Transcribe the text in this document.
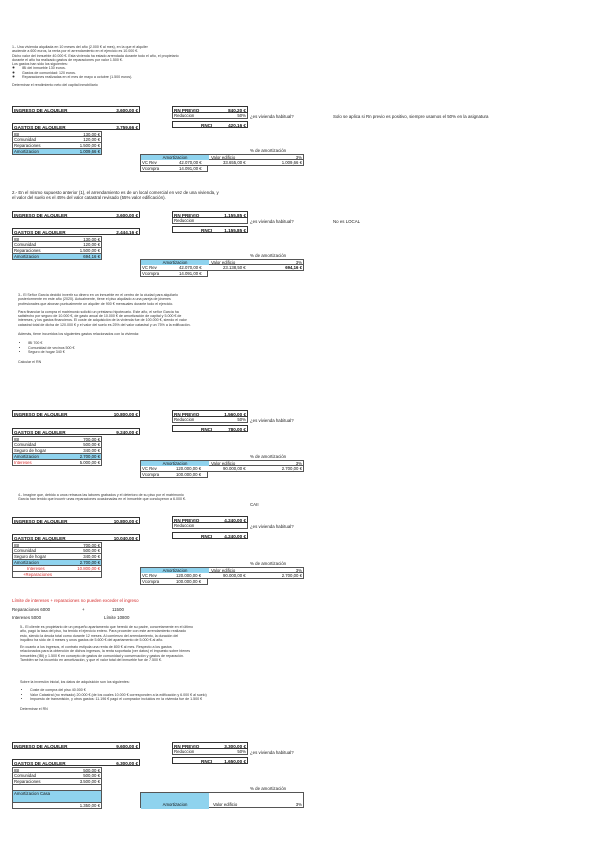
1.- Una vivienda alquilada en 10 meses del año (2.000 € al mes), en la que el alquiler
asciende a 600 euros, la renta por el arrendamiento en el ejercicio es 10.000 €.
Dicho valor del inmueble 40.000 €. Esta vivienda ha estado arrendada durante todo el año, el propietario
durante el año ha realizado gastos de reparaciones por valor 1.500 €.
Los gastos han sido los siguientes:
◦ IBI del inmueble 130 euros.
◦ Gastos de comunidad: 120 euros.
◦ Reparaciones realizadas en el mes de mayo a octubre (1.500 euros).
Determinar el rendimiento neto del capital inmobiliario
INGRESO DE ALQUILER	3.600,00 €
GASTOS DE ALQUILER	3.759,66 €
IBI	130,00 €
Comunidad	120,00 €
Reparaciones	1.500,00 €
Amortizacion	1.009,66 €
RN PREVIO	840,20 €
Reduccion	50% ¿es vivienda habitual?	Solo se aplica si Rn previo es positivo, siempre usamos el 50% en la asignatura
RNCI	420,16 €
% de amortización
Amortizacion	Valor edificio	3%
VC Rev	42.070,00 €	33.655,00 €	1.009,66 €
Vcompra	14.091,00 €
2.- En el mismo supuesto anterior (1), el arrendamiento es de un local comercial en vez de una vivienda, y
el valor del suelo es el 45% del valor catastral revisado (55% valor edificación).
INGRESO DE ALQUILER	3.600,00 €
GASTOS DE ALQUILER	2.444,16 €
IBI	130,00 €
Comunidad	120,00 €
Reparaciones	1.500,00 €
Amortizacion	694,16 €
RN PREVIO	1.155,85 €
Reduccion	¿es vivienda habitual?	No es LOCAL
RNCI	1.155,85 €
% de amortización
Amortizacion	Valor edificio	3%
VC Rev	42.070,00 €	23.138,50 €	694,16 €
Vcompra	14.091,00 €
3.- El Señor García decidió invertir su dinero en un inmueble en el centro de la ciudad para alquilarlo
posteriormente en este año (2020). Actualmente, tiene el piso alquilado a una pareja de jóvenes
profesionales que abonan puntualmente un alquiler de 900 € mensuales durante todo el ejercicio.
Para financiar la compra el matrimonio solicitó un préstamo hipotecario. Este año, el señor García ha
satisfecho por seguro de 10.000 €, de gasto anual de 10.000 € de amortización de capital y 5.000 € de
intereses, y los gastos financieros. El coste de adquisición de la vivienda fue de 100.000 €, siendo el valor
catastral total de dicha de 120.000 € y el valor del suelo es 25% del valor catastral y un 75% a la edificación.
Además, tiene incurridos los siguientes gastos relacionados con la vivienda:
• IBI 700 €
• Comunidad de vecinos 500 €
• Seguro de hogar 340 €
Calcular el RN
INGRESO DE ALQUILER	10.800,00 €
GASTOS DE ALQUILER	9.240,00 €
IBI	700,00 €
Comunidad	500,00 €
Seguro de hogar	340,00 €
Amortizacion	2.700,00 €
Intereses	5.000,00 €
RN PREVIO	1.560,00 €
Reduccion	50% ¿es vivienda habitual?
RNCI	780,00 €
% de amortización
Amortizacion	Valor edificio	3%
VC Rev	120.000,00 €	90.000,00 €	2.700,00 €
Vcompra	100.000,00 €
4.- Imagine que, debido a unos retrasos las labores grabados y el deterioro de su piso por el matrimonio
García han tenido que incurrir unas reparaciones ocasionadas en el inmueble que concluyeron a 6.000 €.
CAII
INGRESO DE ALQUILER	10.800,00 €
GASTOS DE ALQUILER	10.040,00 €
IBI	700,00 €
Comunidad	500,00 €
Seguro de hogar	340,00 €
Amortizacion	2.700,00 €
Intereses	10.800,00 €
+Reparaciones
RN PREVIO	4.240,00 €
Reduccion	¿es vivienda habitual?
RNCI	4.240,00 €
% de amortización
Amortizacion	Valor edificio	3%
VC Rev	120.000,00 €	90.000,00 €	2.700,00 €
Vcompra	100.000,00 €
Límite de intereses + reparaciones no pueden exceder el ingreso
Reparaciones 6000	+	11500
Intereses 5000	Límite 10800
5.- El cliente es propietario de un pequeño apartamento que heredó de su padre, concretamente en el último
año, pagó la tasa del piso, ha tenido el ejercicio entero. Para proceder con este arrendamiento realizado
esto, siendo la deuda total como durante 12 meses. Al comienzo del arrendamiento, la duración del
inquilino ha sido de 4 meses y unos gastos de 5.600 € del apartamento de 5.000 € al año.
En cuanto a los ingresos, el contrato estipula una renta de 800 € al mes. Respecto a los gastos
relacionados para la obtención de dichos ingresos, la renta soportada (ver datos) el impuesto sobre bienes
inmuebles (IBI) y 1.500 € en concepto de gastos de comunidad y conservación y gastos de reparación.
También se ha incurrido en amortización, y que el valor total del inmueble fue de 7.500 €.
Sobre la inversión inicial, los datos de adquisición son los siguientes:
• Coste de compra del piso 40.000 €
• Valor Catastral (no revisado) 20.000 € (de los cuales 10.000 € corresponden a la edificación y 6.000 € al suelo)
• Impuesto de transmisión, y otros gastos: 11.196 € pagó el comprador incluidos en la vivienda fue de 1.500 €
Determinar el RN
INGRESO DE ALQUILER	9.600,00 €
GASTOS DE ALQUILER	6.300,00 €
IBI	500,00 €
Comunidad	500,00 €
Reparaciones	3.500,00 €
Amortizacion Casa
1.350,00 €
RN PREVIO	3.300,00 €
Reduccion	50% ¿es vivienda habitual?
RNCI	1.650,00 €
% de amortización
Amortizacion	Valor edificio	3%
